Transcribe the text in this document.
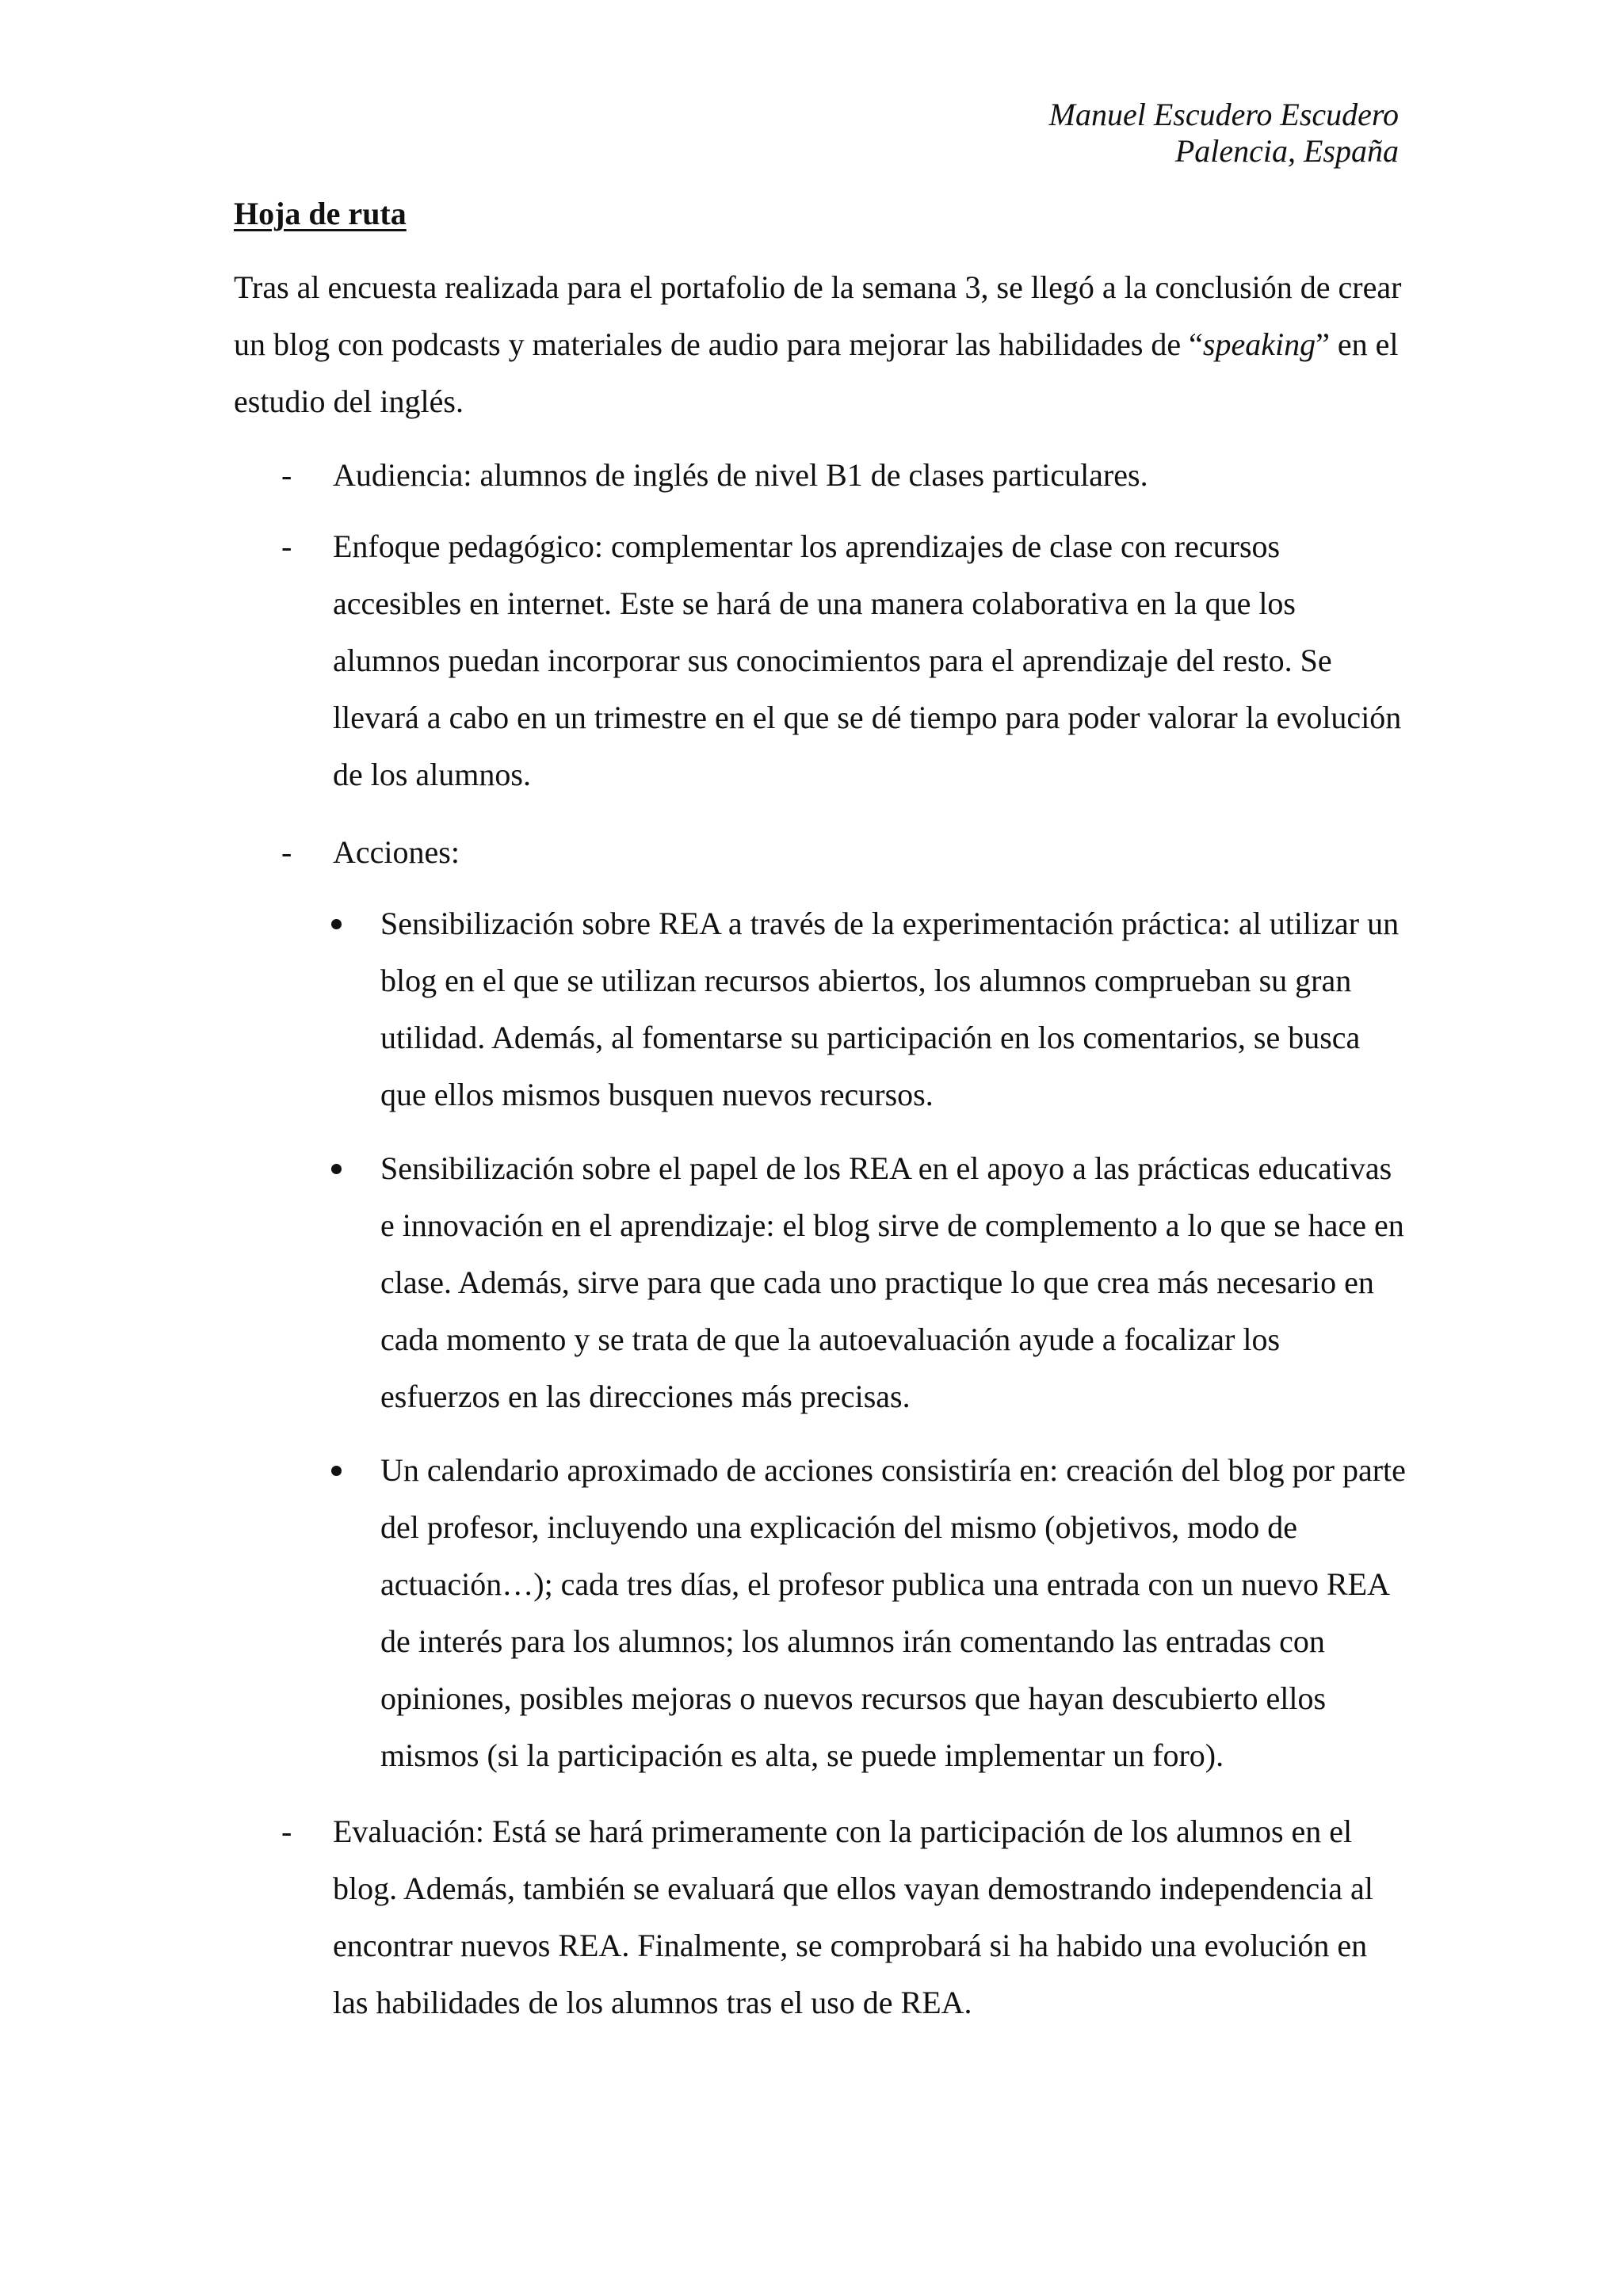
Manuel Escudero Escudero
Palencia, España
Hoja de ruta
Tras al encuesta realizada para el portafolio de la semana 3, se llegó a la conclusión de crear un blog con podcasts y materiales de audio para mejorar las habilidades de “speaking” en el estudio del inglés.
- Audiencia: alumnos de inglés de nivel B1 de clases particulares.
- Enfoque pedagógico: complementar los aprendizajes de clase con recursos accesibles en internet. Este se hará de una manera colaborativa en la que los alumnos puedan incorporar sus conocimientos para el aprendizaje del resto. Se llevará a cabo en un trimestre en el que se dé tiempo para poder valorar la evolución de los alumnos.
- Acciones:
Sensibilización sobre REA a través de la experimentación práctica: al utilizar un blog en el que se utilizan recursos abiertos, los alumnos comprueban su gran utilidad. Además, al fomentarse su participación en los comentarios, se busca que ellos mismos busquen nuevos recursos.
Sensibilización sobre el papel de los REA en el apoyo a las prácticas educativas e innovación en el aprendizaje: el blog sirve de complemento a lo que se hace en clase. Además, sirve para que cada uno practique lo que crea más necesario en cada momento y se trata de que la autoevaluación ayude a focalizar los esfuerzos en las direcciones más precisas.
Un calendario aproximado de acciones consistiría en: creación del blog por parte del profesor, incluyendo una explicación del mismo (objetivos, modo de actuación…); cada tres días, el profesor publica una entrada con un nuevo REA de interés para los alumnos; los alumnos irán comentando las entradas con opiniones, posibles mejoras o nuevos recursos que hayan descubierto ellos mismos (si la participación es alta, se puede implementar un foro).
- Evaluación: Está se hará primeramente con la participación de los alumnos en el blog. Además, también se evaluará que ellos vayan demostrando independencia al encontrar nuevos REA. Finalmente, se comprobará si ha habido una evolución en las habilidades de los alumnos tras el uso de REA.
